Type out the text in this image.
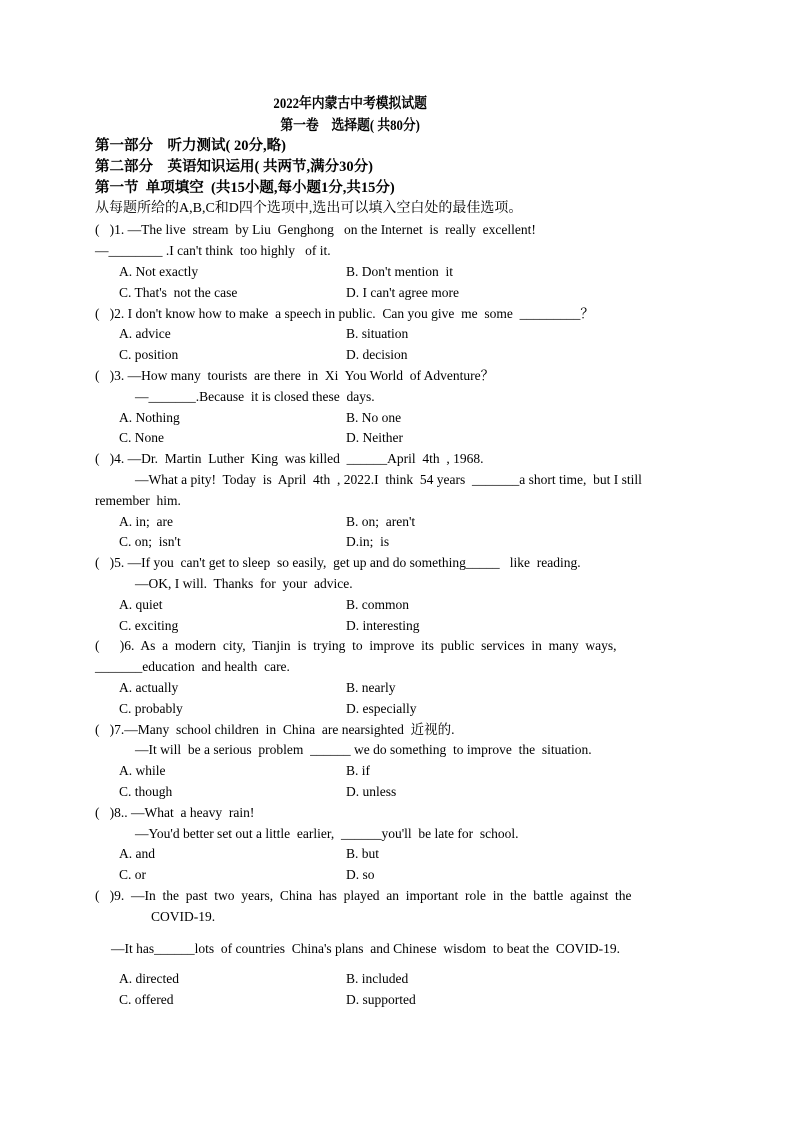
2022年内蒙古中考模拟试题
第一卷　选择题( 共80分)
第一部分　听力测试( 20分,略)
第二部分　英语知识运用( 共两节,满分30分)
第一节  单项填空  (共15小题,每小题1分,共15分)
从每题所给的A,B,C和D四个选项中,选出可以填入空白处的最佳选项。
(   )1. —The live  stream  by Liu  Genghong   on the Internet  is  really  excellent!
—________ .I can't think  too highly   of it.
A. Not exactly	B. Don't mention  it
C. That's  not the case	D. I can't agree more
(   )2. I don't know how to make  a speech in public.  Can you give  me  some  _________？
A. advice	B. situation
C. position	D. decision
(   )3. —How many  tourists  are there  in  Xi  You World  of Adventure？
—_______.Because  it is closed these  days.
A. Nothing	B. No one
C. None	D. Neither
(   )4. —Dr.  Martin  Luther  King  was killed  ______April  4th  , 1968.
—What a pity!  Today  is  April  4th  , 2022.I  think  54 years  _______a short time,  but I still
remember  him.
A. in;  are	B. on;  aren't
C. on;  isn't	D.in;  is
(   )5. —If you  can't get to sleep  so easily,  get up and do something_____   like  reading.
—OK, I will.  Thanks  for  your  advice.
A. quiet	B. common
C. exciting	D. interesting
(      )6.  As  a  modern  city,  Tianjin  is  trying  to  improve  its  public  services  in  many  ways,
_______education  and health  care.
A. actually	B. nearly
C. probably	D. especially
(   )7.—Many  school children  in  China  are nearsighted  近视的.
—It will  be a serious  problem  ______ we do something  to improve  the  situation.
A. while	B. if
C. though	D. unless
(   )8.. —What  a heavy  rain!
—You'd better set out a little  earlier,  ______you'll  be late for  school.
A. and	B. but
C. or	D. so
(   )9.  —In  the  past  two  years,  China  has  played  an  important  role  in  the  battle  against  the
COVID-19.
—It has______lots  of countries  China's plans  and Chinese  wisdom  to beat the  COVID-19.
A. directed	B. included
C. offered	D. supported
